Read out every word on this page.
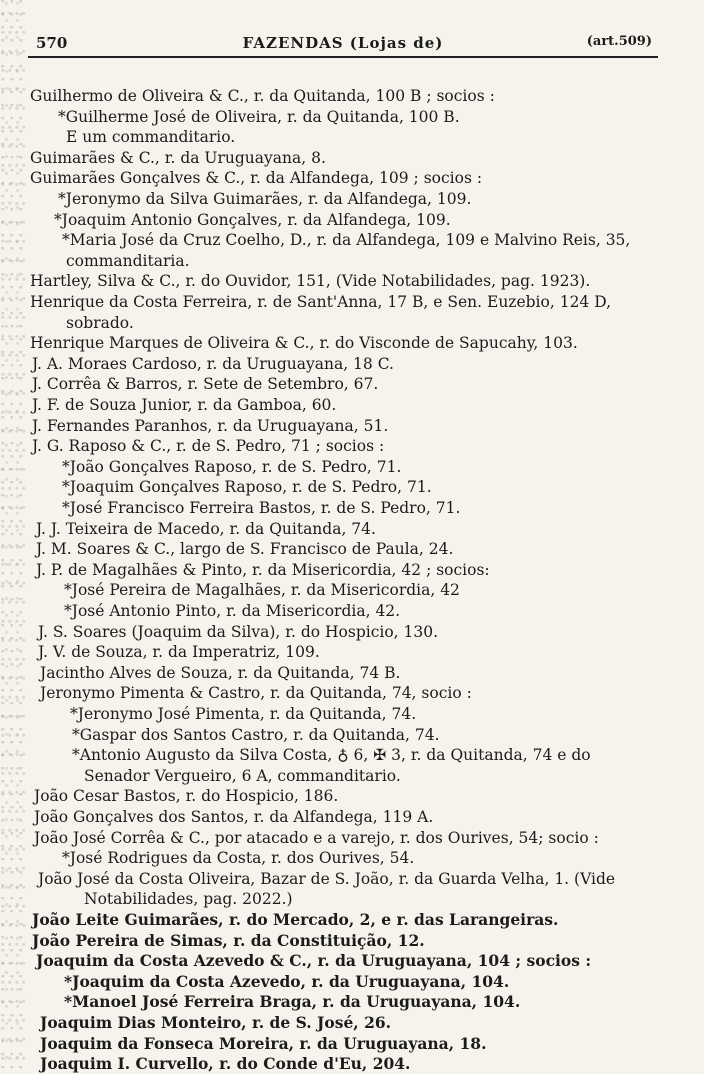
570	FAZENDAS (Lojas de)	(art.509)
Guilhermo de Oliveira & C., r. da Quitanda, 100 B ; socios :
*Guilherme José de Oliveira, r. da Quitanda, 100 B.
E um commanditario.
Guimarães & C., r. da Uruguayana, 8.
Guimarães Gonçalves & C., r. da Alfandega, 109 ; socios :
*Jeronymo da Silva Guimarães, r. da Alfandega, 109.
*Joaquim Antonio Gonçalves, r. da Alfandega, 109.
*Maria José da Cruz Coelho, D., r. da Alfandega, 109 e Malvino Reis, 35,
commanditaria.
Hartley, Silva & C., r. do Ouvidor, 151, (Vide Notabilidades, pag. 1923).
Henrique da Costa Ferreira, r. de Sant'Anna, 17 B, e Sen. Euzebio, 124 D,
sobrado.
Henrique Marques de Oliveira & C., r. do Visconde de Sapucahy, 103.
J. A. Moraes Cardoso, r. da Uruguayana, 18 C.
J. Corrêa & Barros, r. Sete de Setembro, 67.
J. F. de Souza Junior, r. da Gamboa, 60.
J. Fernandes Paranhos, r. da Uruguayana, 51.
J. G. Raposo & C., r. de S. Pedro, 71 ; socios :
*João Gonçalves Raposo, r. de S. Pedro, 71.
*Joaquim Gonçalves Raposo, r. de S. Pedro, 71.
*José Francisco Ferreira Bastos, r. de S. Pedro, 71.
J. J. Teixeira de Macedo, r. da Quitanda, 74.
J. M. Soares & C., largo de S. Francisco de Paula, 24.
J. P. de Magalhães & Pinto, r. da Misericordia, 42 ; socios:
*José Pereira de Magalhães, r. da Misericordia, 42
*José Antonio Pinto, r. da Misericordia, 42.
J. S. Soares (Joaquim da Silva), r. do Hospicio, 130.
J. V. de Souza, r. da Imperatriz, 109.
Jacintho Alves de Souza, r. da Quitanda, 74 B.
Jeronymo Pimenta & Castro, r. da Quitanda, 74, socio :
*Jeronymo José Pimenta, r. da Quitanda, 74.
*Gaspar dos Santos Castro, r. da Quitanda, 74.
*Antonio Augusto da Silva Costa, ♁ 6, ✠ 3, r. da Quitanda, 74 e do
Senador Vergueiro, 6 A, commanditario.
João Cesar Bastos, r. do Hospicio, 186.
João Gonçalves dos Santos, r. da Alfandega, 119 A.
João José Corrêa & C., por atacado e a varejo, r. dos Ourives, 54; socio :
*José Rodrigues da Costa, r. dos Ourives, 54.
João José da Costa Oliveira, Bazar de S. João, r. da Guarda Velha, 1. (Vide
Notabilidades, pag. 2022.)
João Leite Guimarães, r. do Mercado, 2, e r. das Larangeiras.
João Pereira de Simas, r. da Constituição, 12.
Joaquim da Costa Azevedo & C., r. da Uruguayana, 104 ; socios :
*Joaquim da Costa Azevedo, r. da Uruguayana, 104.
*Manoel José Ferreira Braga, r. da Uruguayana, 104.
Joaquim Dias Monteiro, r. de S. José, 26.
Joaquim da Fonseca Moreira, r. da Uruguayana, 18.
Joaquim I. Curvello, r. do Conde d'Eu, 204.
